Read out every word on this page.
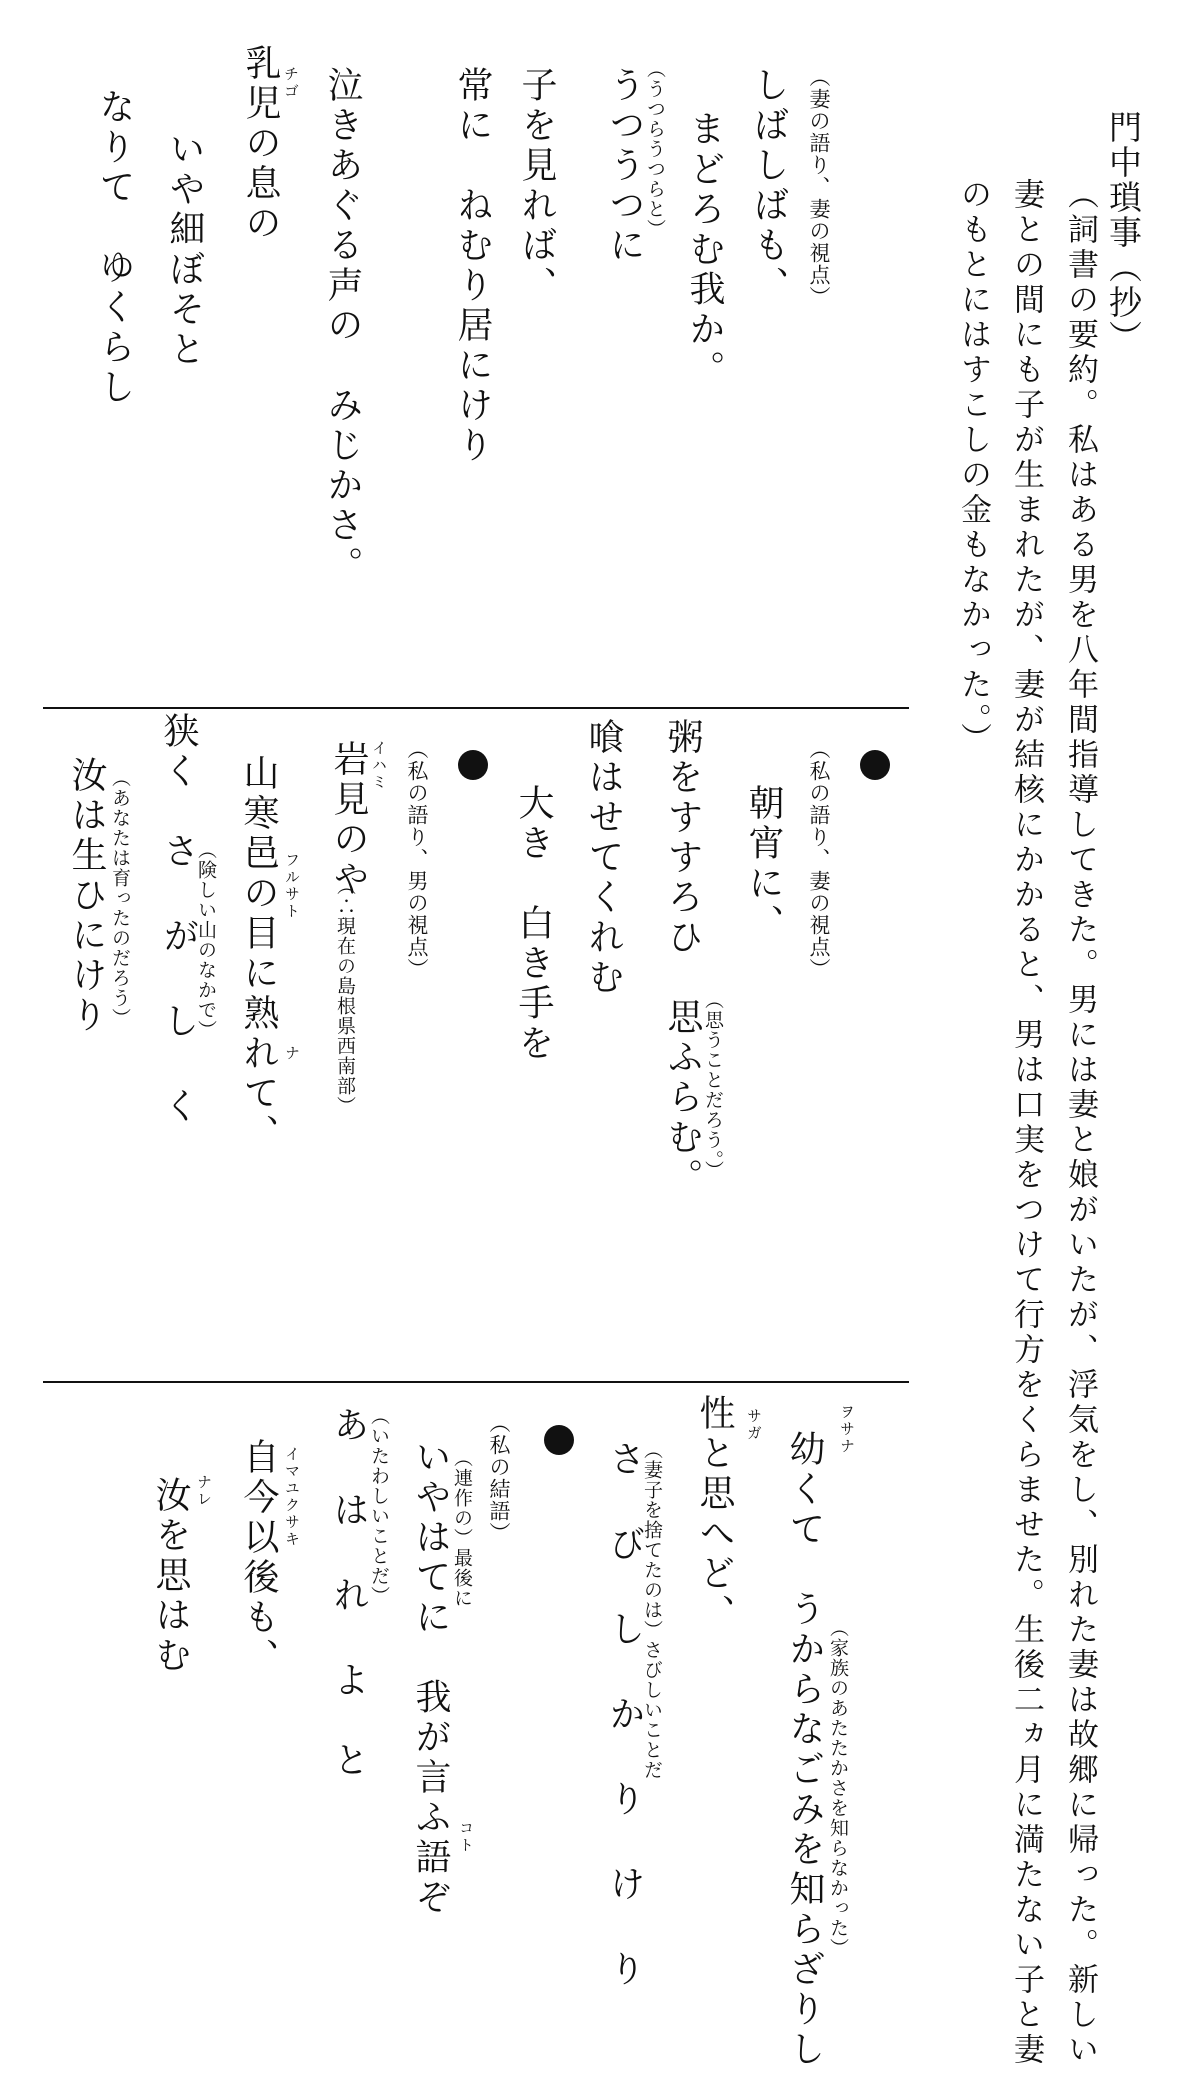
門中瑣事（抄）
（詞書の要約。私はある男を八年間指導してきた。男には妻と娘がいたが、浮気をし、別れた妻は故郷に帰った。新しい
妻との間にも子が生まれたが、妻が結核にかかると、男は口実をつけて行方をくらませた。生後二ヵ月に満たない子と妻
のもとにはすこしの金もなかった。）
（妻の語り、妻の視点）
しばしばも、
まどろむ我か。
（うつらうつらと）
うつうつに
子を見れば、
常に　ねむり居にけり
泣きあぐる声の　みじかさ。
チゴ
乳児の息の
いや細ぼそと
なりて　ゆくらし
（私の語り、妻の視点）
朝宵に、
（思うことだろう。）
粥をすすろひ　思ふらむ。
喰はせてくれむ
大き　白き手を
（私の語り、男の視点）
イハミ
岩見のや
（∴現在の島根県西南部）
フルサト
ナ
山寒邑の目に熟れて、
（険しい山のなかで）
狭く　さ が し く
（あなたは育ったのだろう）
汝は生ひにけり
ヲサナ
幼くて　うからなごみを知らざりし （家族のあたたかさを知らなかった）
サガ
性と思へど、
（妻子を捨てたのは）さびしいことだ
さ び し か り け り
（私の結語）
（連作の）最後に
コト
いやはてに　我が言ふ語ぞ
（いたわしいことだ）
あ は れ よ　と
イマユクサキ
自今以後も、
ナレ
汝を思はむ
